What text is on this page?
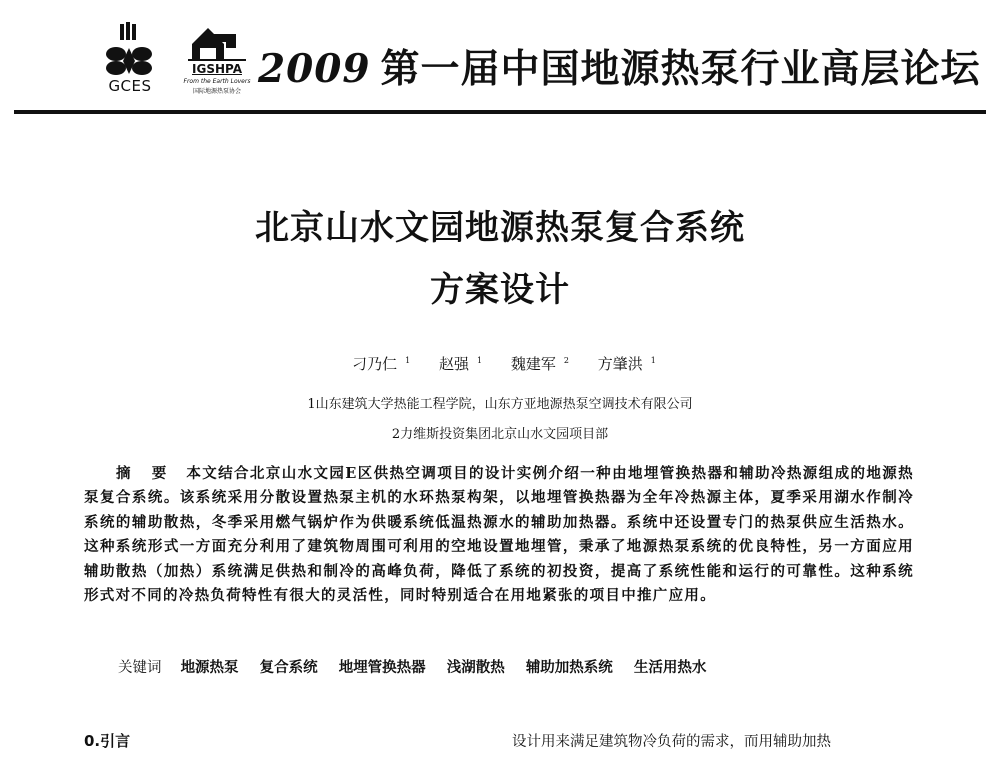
GCES
IGSHPA
From the Earth Lovers
国际地源热泵协会 2009 第一届中国地源热泵行业高层论坛
北京山水文园地源热泵复合系统
方案设计
刁乃仁 $^1$ 赵强 $^1$ 魏建军 $^2$ 方肇洪 $^1$
1山东建筑大学热能工程学院，山东方亚地源热泵空调技术有限公司
2力维斯投资集团北京山水文园项目部
摘 要 本文结合北京山水文园E区供热空调项目的设计实例介绍一种由地埋管换热器和辅助冷热源组成的地源热泵复合系统。该系统采用分散设置热泵主机的水环热泵构架，以地埋管换热器为全年冷热源主体，夏季采用湖水作制冷系统的辅助散热，冬季采用燃气锅炉作为供暖系统低温热源水的辅助加热器。系统中还设置专门的热泵供应生活热水。这种系统形式一方面充分利用了建筑物周围可利用的空地设置地埋管，秉承了地源热泵系统的优良特性，另一方面应用辅助散热（加热）系统满足供热和制冷的高峰负荷，降低了系统的初投资，提高了系统性能和运行的可靠性。这种系统形式对不同的冷热负荷特性有很大的灵活性，同时特别适合在用地紧张的项目中推广应用。
关键词 地源热泵 复合系统 地埋管换热器 浅湖散热 辅助加热系统 生活用热水
0.引言	设计用来满足建筑物冷负荷的需求，而用辅助加热
